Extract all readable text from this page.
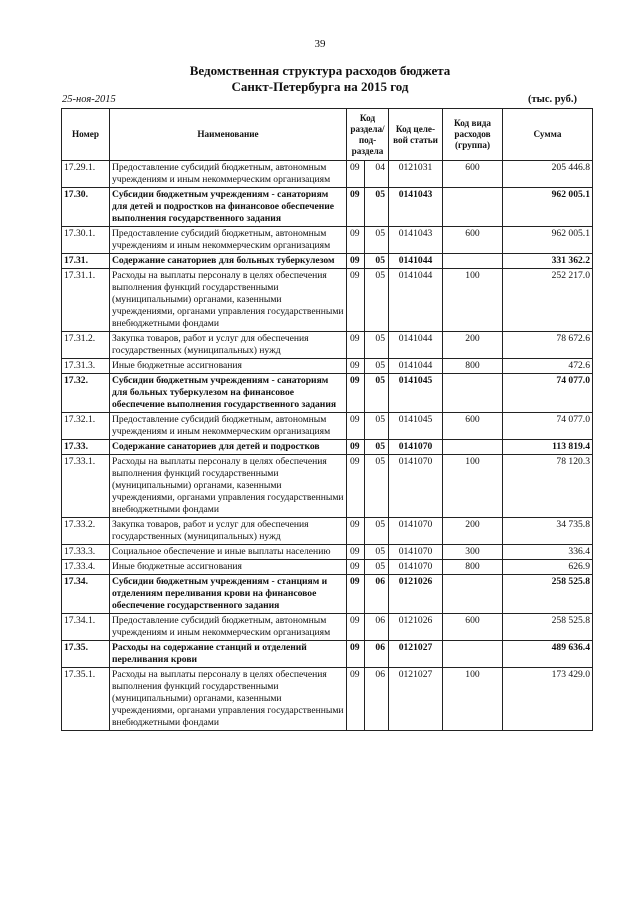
39
Ведомственная структура расходов бюджета
Санкт-Петербурга на 2015 год
25-ноя-2015	(тыс. руб.)
Номер	Наименование	Код раздела/ под-раздела		Код целе-вой статьи	Код вида расходов (группа)	Сумма
17.29.1.	Предоставление субсидий бюджетным, автономным учреждениям и иным некоммерческим организациям	09	04	0121031	600	205 446.8
17.30.	Субсидии бюджетным учреждениям - санаториям для детей и подростков на финансовое обеспечение выполнения государственного задания	09	05	0141043		962 005.1
17.30.1.	Предоставление субсидий бюджетным, автономным учреждениям и иным некоммерческим организациям	09	05	0141043	600	962 005.1
17.31.	Содержание санаториев для больных туберкулезом	09	05	0141044		331 362.2
17.31.1.	Расходы на выплаты персоналу в целях обеспечения выполнения функций государственными (муниципальными) органами, казенными учреждениями, органами управления государственными внебюджетными фондами	09	05	0141044	100	252 217.0
17.31.2.	Закупка товаров, работ и услуг для обеспечения государственных (муниципальных) нужд	09	05	0141044	200	78 672.6
17.31.3.	Иные бюджетные ассигнования	09	05	0141044	800	472.6
17.32.	Субсидии бюджетным учреждениям - санаториям для больных туберкулезом на финансовое обеспечение выполнения государственного задания	09	05	0141045		74 077.0
17.32.1.	Предоставление субсидий бюджетным, автономным учреждениям и иным некоммерческим организациям	09	05	0141045	600	74 077.0
17.33.	Содержание санаториев для детей и подростков	09	05	0141070		113 819.4
17.33.1.	Расходы на выплаты персоналу в целях обеспечения выполнения функций государственными (муниципальными) органами, казенными учреждениями, органами управления государственными внебюджетными фондами	09	05	0141070	100	78 120.3
17.33.2.	Закупка товаров, работ и услуг для обеспечения государственных (муниципальных) нужд	09	05	0141070	200	34 735.8
17.33.3.	Социальное обеспечение и иные выплаты населению	09	05	0141070	300	336.4
17.33.4.	Иные бюджетные ассигнования	09	05	0141070	800	626.9
17.34.	Субсидии бюджетным учреждениям - станциям и отделениям переливания крови на финансовое обеспечение государственного задания	09	06	0121026		258 525.8
17.34.1.	Предоставление субсидий бюджетным, автономным учреждениям и иным некоммерческим организациям	09	06	0121026	600	258 525.8
17.35.	Расходы на содержание станций и отделений переливания крови	09	06	0121027		489 636.4
17.35.1.	Расходы на выплаты персоналу в целях обеспечения выполнения функций государственными (муниципальными) органами, казенными учреждениями, органами управления государственными внебюджетными фондами	09	06	0121027	100	173 429.0
